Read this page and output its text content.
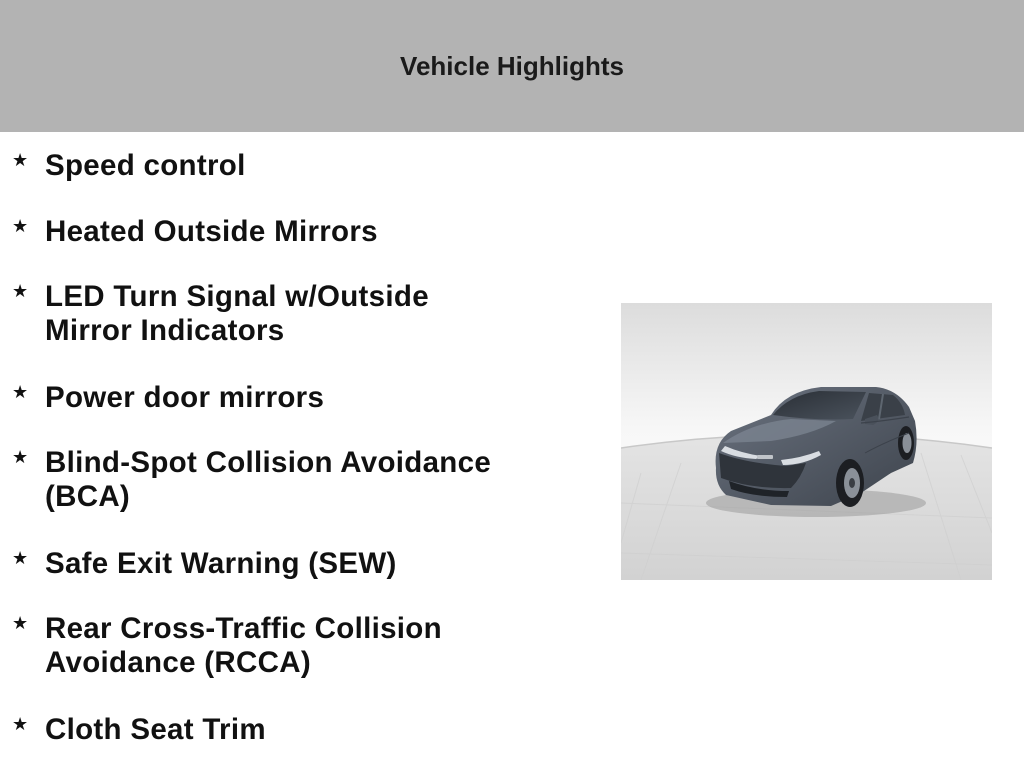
Vehicle Highlights
★ Speed control
★ Heated Outside Mirrors
★ LED Turn Signal w/Outside Mirror Indicators
★ Power door mirrors
★ Blind-Spot Collision Avoidance (BCA)
★ Safe Exit Warning (SEW)
★ Rear Cross-Traffic Collision Avoidance (RCCA)
★ Cloth Seat Trim
